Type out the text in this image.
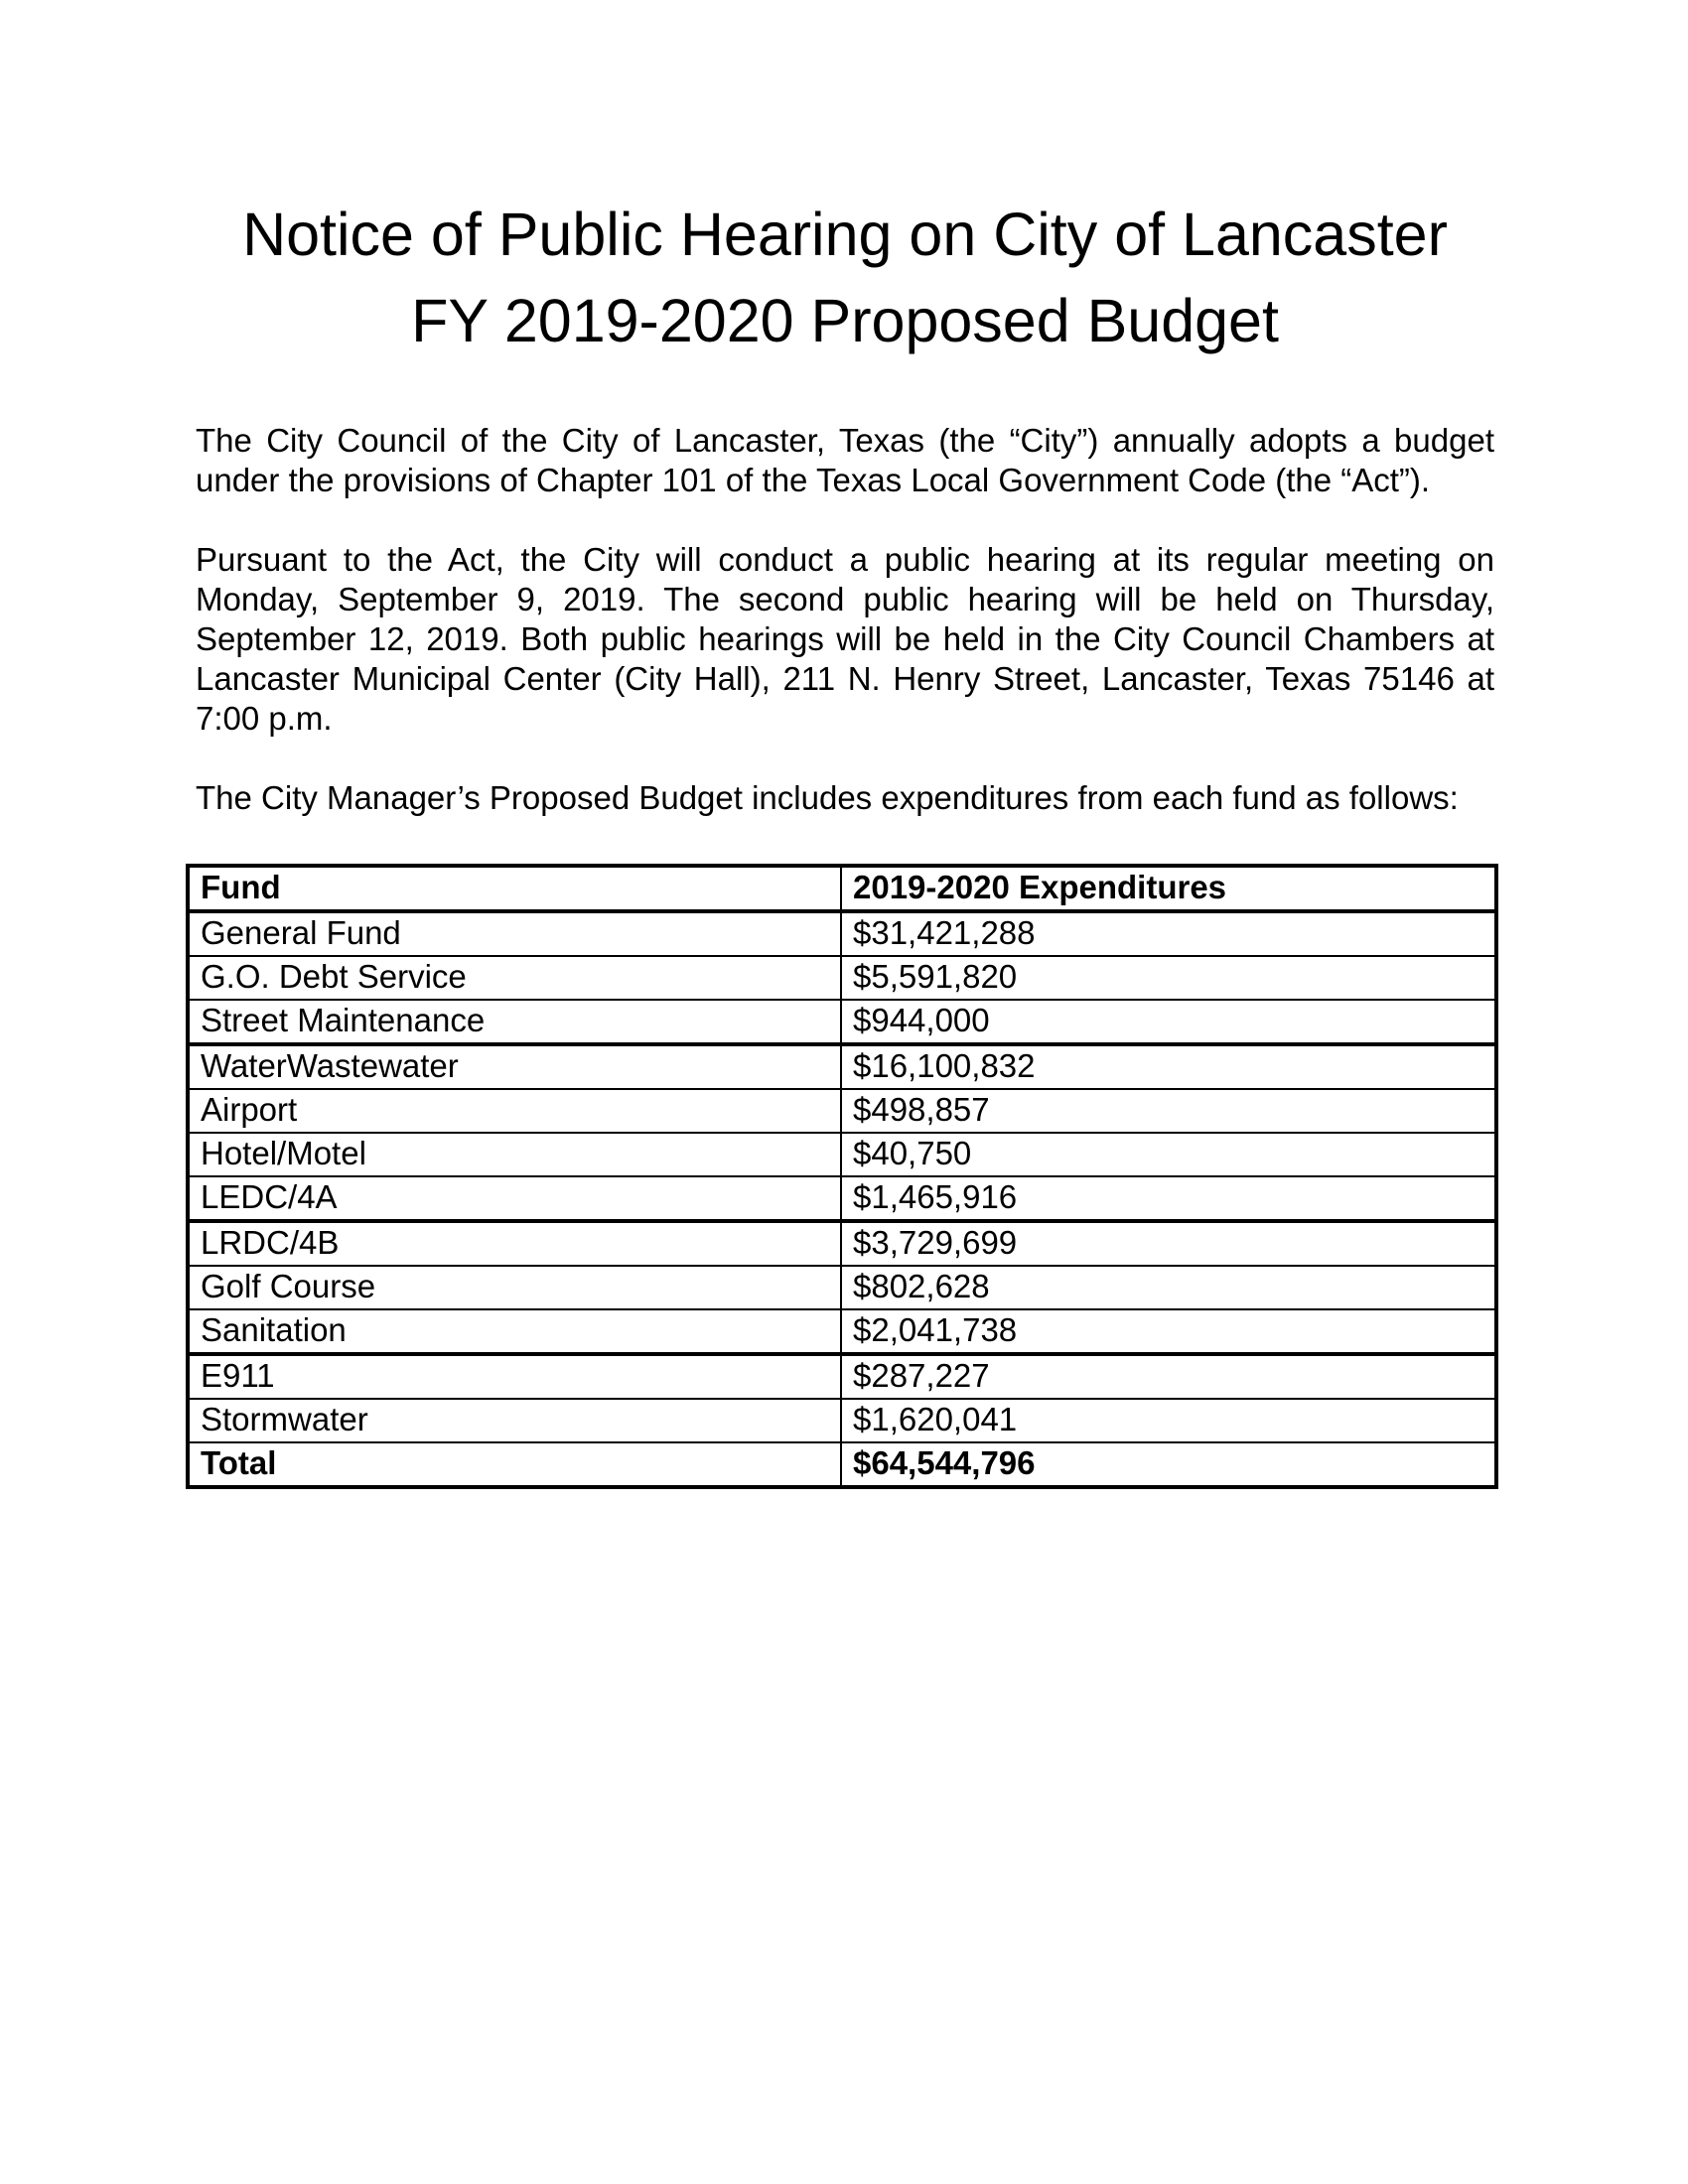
Notice of Public Hearing on City of Lancaster
FY 2019-2020 Proposed Budget

The City Council of the City of Lancaster, Texas (the “City”) annually adopts a budget under the provisions of Chapter 101 of the Texas Local Government Code (the “Act”).

Pursuant to the Act, the City will conduct a public hearing at its regular meeting on Monday, September 9, 2019. The second public hearing will be held on Thursday, September 12, 2019. Both public hearings will be held in the City Council Chambers at Lancaster Municipal Center (City Hall), 211 N. Henry Street, Lancaster, Texas 75146 at 7:00 p.m.

The City Manager’s Proposed Budget includes expenditures from each fund as follows:

Fund	2019-2020 Expenditures
General Fund	$31,421,288
G.O. Debt Service	$5,591,820
Street Maintenance	$944,000
WaterWastewater	$16,100,832
Airport	$498,857
Hotel/Motel	$40,750
LEDC/4A	$1,465,916
LRDC/4B	$3,729,699
Golf Course	$802,628
Sanitation	$2,041,738
E911	$287,227
Stormwater	$1,620,041
Total	$64,544,796
